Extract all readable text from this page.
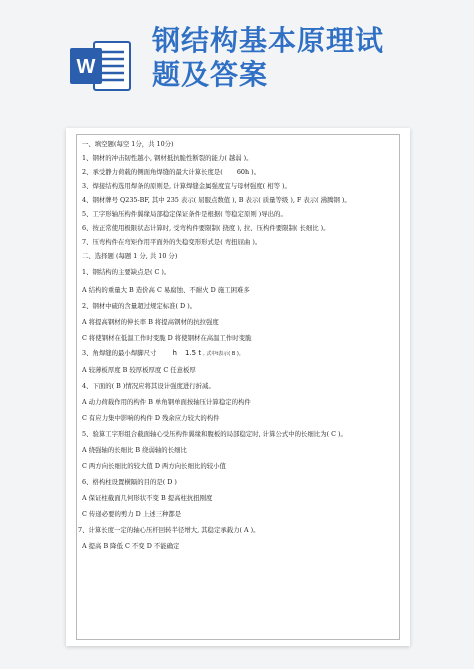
W
钢结构基本原理试
题及答案
一、填空题(每空 1分，共 10分)
1、钢材的冲击韧性越小, 钢材抵抗脆性断裂的能力( 越弱 )。
2、承受静力荷载的侧面角焊缝的最大计算长度是( 60h )。
3、焊接结构选用焊条的原则是, 计算焊缝金属强度宜与母材强度( 相等 )。
4、钢材牌号 Q235-BF, 其中 235 表示( 屈服点数值 ), B 表示( 质量等级 ), F 表示( 沸腾钢 )。
5、工字形轴压构件翼缘局部稳定保证条件是根据( 等稳定原则 )导出的。
6、按正常使用极限状态计算时, 受弯构件要限制( 挠度 ), 拉、压构件要限制( 长细比 )。
7、压弯构件在弯矩作用平面外的失稳变形形式是( 弯扭屈曲 )。
二、选择题 (每题 1 分, 共 10 分)
1、钢结构的主要缺点是( C )。
A 结构的重量大 B 造价高 C 易腐蚀、不耐火 D 施工困难多
2、钢材中硫的含量超过规定标准( D )。
A 将提高钢材的伸长率 B 将提高钢材的抗拉强度
C 将使钢材在低温工作时变脆 D 将使钢材在高温工作时变脆
3、角焊缝的最小焊脚尺寸 h 1.5 t , 式中t表示( B )。
A 较薄板厚度 B 较厚板厚度 C 任意板厚
4、下面的( B )情况应将其设计强度进行折减。
A 动力荷载作用的构件 B 单角钢单面按轴压计算稳定的构件
C 有应力集中影响的构件 D 残余应力较大的构件
5、验算工字形组合截面轴心受压构件翼缘和腹板的局部稳定时, 计算公式中的长细比为( C )。
A 绕强轴的长细比 B 绕弱轴的长细比
C 两方向长细比的较大值 D 两方向长细比的较小值
6、格构柱设置横隔的目的是( D )
A 保证柱截面几何形状不变 B 提高柱抗扭刚度
C 传递必要的剪力 D 上述三种都是
7、计算长度一定的轴心压杆回转半径增大, 其稳定承载力( A )。
A 提高 B 降低 C 不变 D 不能确定
